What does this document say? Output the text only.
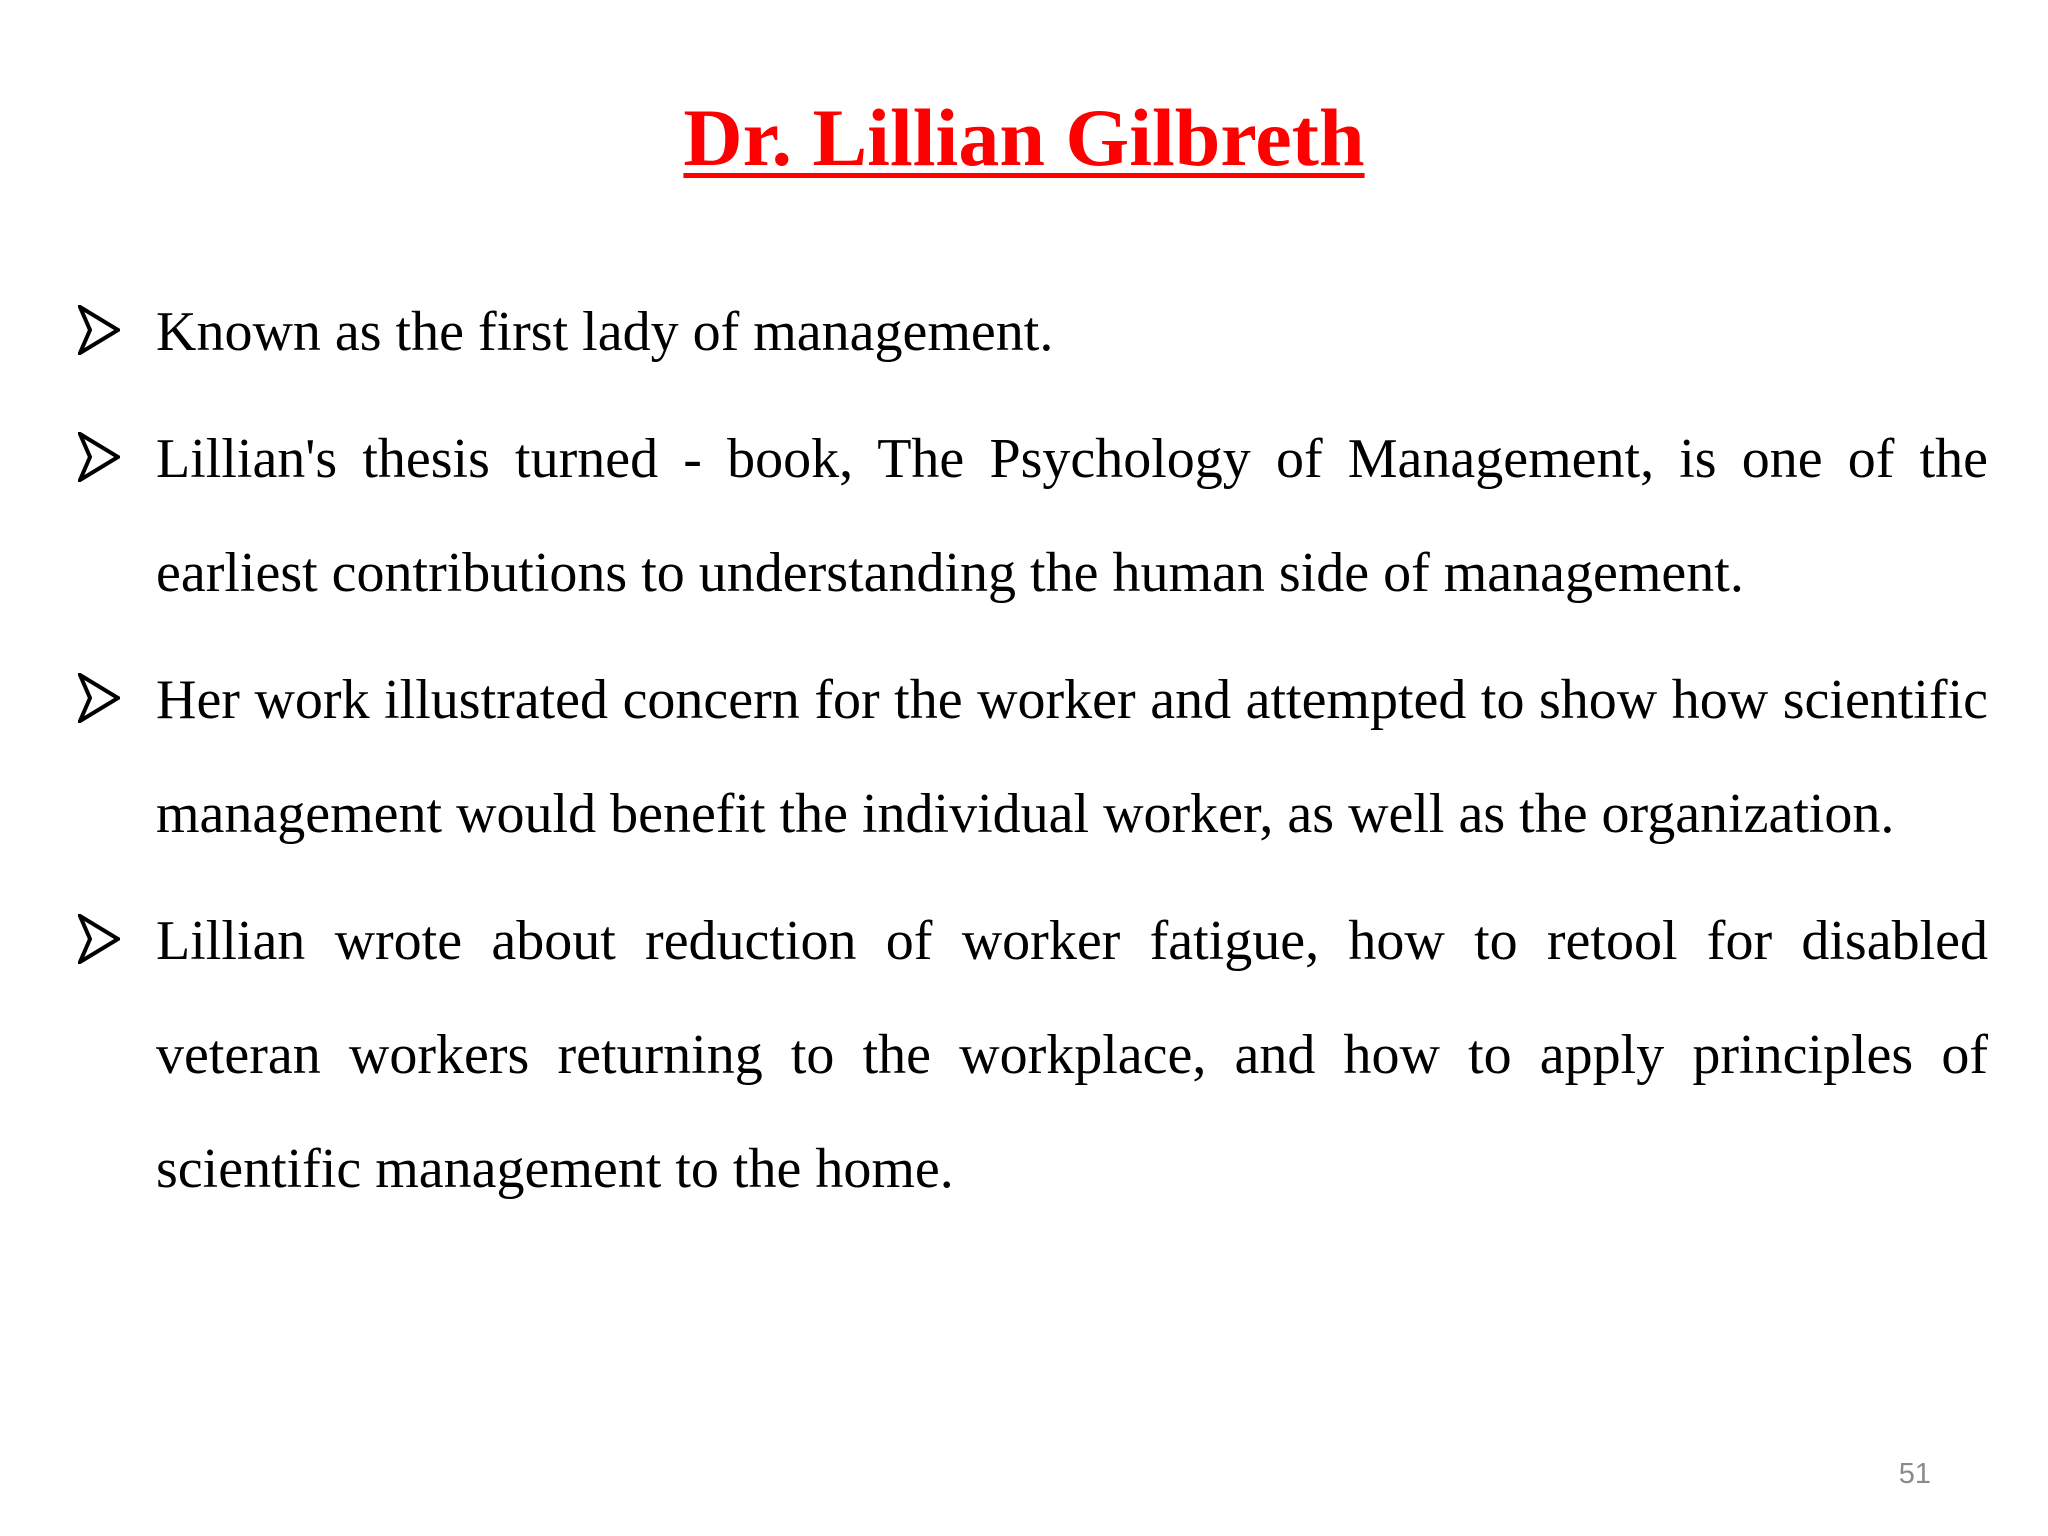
Dr. Lillian Gilbreth
Known as the first lady of management.
Lillian's thesis turned - book, The Psychology of Management, is one of the earliest contributions to understanding the human side of management.
Her work illustrated concern for the worker and attempted to show how scientific management would benefit the individual worker, as well as the organization.
Lillian wrote about reduction of worker fatigue, how to retool for disabled veteran workers returning to the workplace, and how to apply principles of scientific management to the home.
51
